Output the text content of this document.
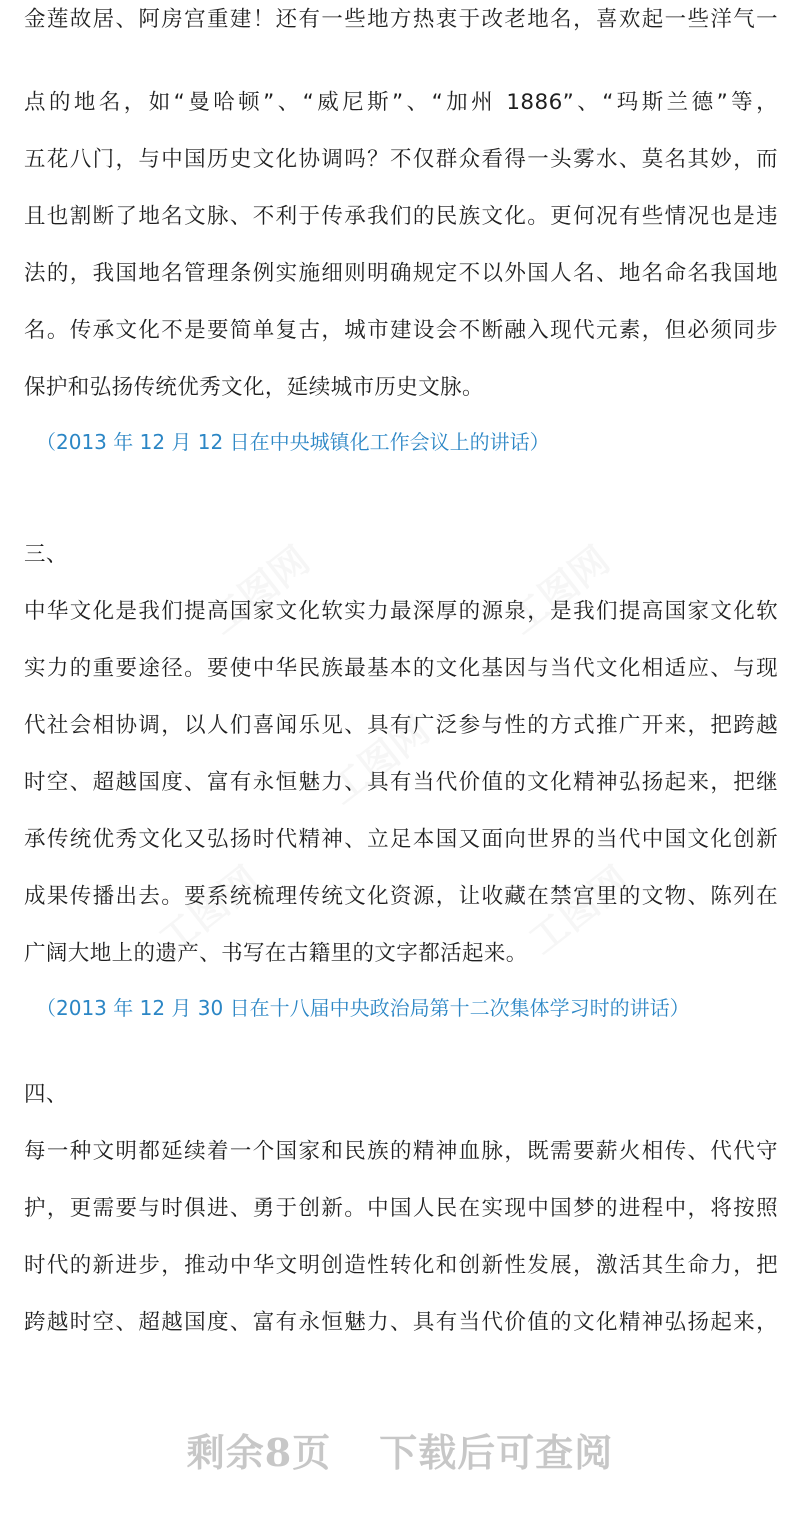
工图网	工图网
工图网
工图网	工图网
金莲故居、阿房宫重建！还有一些地方热衷于改老地名，喜欢起一些洋气一
点的地名，如“曼哈顿”、“威尼斯”、“加州 1886”、“玛斯兰德”等，
五花八门，与中国历史文化协调吗？不仅群众看得一头雾水、莫名其妙，而
且也割断了地名文脉、不利于传承我们的民族文化。更何况有些情况也是违
法的，我国地名管理条例实施细则明确规定不以外国人名、地名命名我国地
名。传承文化不是要简单复古，城市建设会不断融入现代元素，但必须同步
保护和弘扬传统优秀文化，延续城市历史文脉。
（2013 年 12 月 12 日在中央城镇化工作会议上的讲话）
三、
中华文化是我们提高国家文化软实力最深厚的源泉，是我们提高国家文化软
实力的重要途径。要使中华民族最基本的文化基因与当代文化相适应、与现
代社会相协调，以人们喜闻乐见、具有广泛参与性的方式推广开来，把跨越
时空、超越国度、富有永恒魅力、具有当代价值的文化精神弘扬起来，把继
承传统优秀文化又弘扬时代精神、立足本国又面向世界的当代中国文化创新
成果传播出去。要系统梳理传统文化资源，让收藏在禁宫里的文物、陈列在
广阔大地上的遗产、书写在古籍里的文字都活起来。
（2013 年 12 月 30 日在十八届中央政治局第十二次集体学习时的讲话）
四、
每一种文明都延续着一个国家和民族的精神血脉，既需要薪火相传、代代守
护，更需要与时俱进、勇于创新。中国人民在实现中国梦的进程中，将按照
时代的新进步，推动中华文明创造性转化和创新性发展，激活其生命力，把
跨越时空、超越国度、富有永恒魅力、具有当代价值的文化精神弘扬起来，
剩余8页 下载后可查阅
